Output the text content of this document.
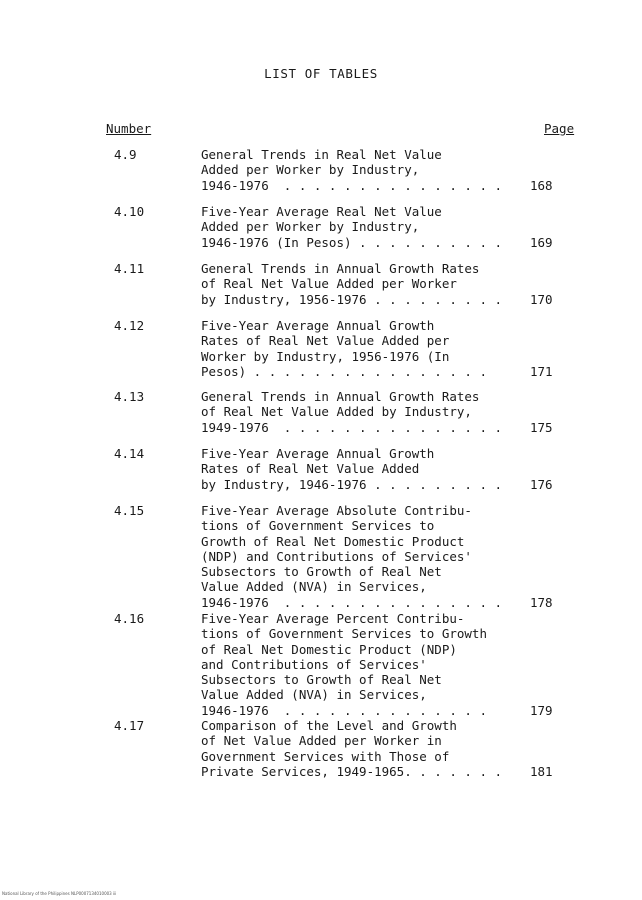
LIST OF TABLES
Number	Page
4.9	General Trends in Real Net Value
Added per Worker by Industry,
1946-1976  . . . . . . . . . . . . . . .	168
4.10	Five-Year Average Real Net Value
Added per Worker by Industry,
1946-1976 (In Pesos) . . . . . . . . . .	169
4.11	General Trends in Annual Growth Rates
of Real Net Value Added per Worker
by Industry, 1956-1976 . . . . . . . . .	170
4.12	Five-Year Average Annual Growth
Rates of Real Net Value Added per
Worker by Industry, 1956-1976 (In
Pesos) . . . . . . . . . . . . . . . .	171
4.13	General Trends in Annual Growth Rates
of Real Net Value Added by Industry,
1949-1976  . . . . . . . . . . . . . . .	175
4.14	Five-Year Average Annual Growth
Rates of Real Net Value Added
by Industry, 1946-1976 . . . . . . . . .	176
4.15	Five-Year Average Absolute Contribu-
tions of Government Services to
Growth of Real Net Domestic Product
(NDP) and Contributions of Services'
Subsectors to Growth of Real Net
Value Added (NVA) in Services,
1946-1976  . . . . . . . . . . . . . . .	178
4.16	Five-Year Average Percent Contribu-
tions of Government Services to Growth
of Real Net Domestic Product (NDP)
and Contributions of Services'
Subsectors to Growth of Real Net
Value Added (NVA) in Services,
1946-1976  . . . . . . . . . . . . . .	179
4.17	Comparison of the Level and Growth
of Net Value Added per Worker in
Government Services with Those of
Private Services, 1949-1965. . . . . . .	181
National Library of the Philippines NLP0007134010003 iii
